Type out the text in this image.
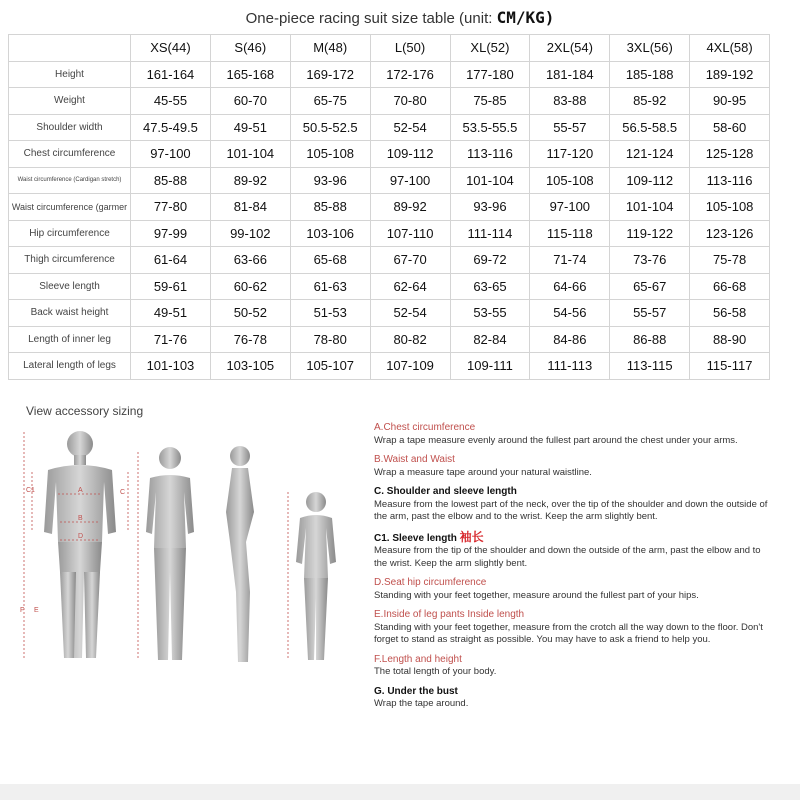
One-piece racing suit size table (unit: CM/KG)
	XS(44)	S(46)	M(48)	L(50)	XL(52)	2XL(54)	3XL(56)	4XL(58)
Height	161-164	165-168	169-172	172-176	177-180	181-184	185-188	189-192
Weight	45-55	60-70	65-75	70-80	75-85	83-88	85-92	90-95
Shoulder width	47.5-49.5	49-51	50.5-52.5	52-54	53.5-55.5	55-57	56.5-58.5	58-60
Chest circumference	97-100	101-104	105-108	109-112	113-116	117-120	121-124	125-128
Waist circumference (Cardigan stretch)	85-88	89-92	93-96	97-100	101-104	105-108	109-112	113-116
Waist circumference (garmer	77-80	81-84	85-88	89-92	93-96	97-100	101-104	105-108
Hip circumference	97-99	99-102	103-106	107-110	111-114	115-118	119-122	123-126
Thigh circumference	61-64	63-66	65-68	67-70	69-72	71-74	73-76	75-78
Sleeve length	59-61	60-62	61-63	62-64	63-65	64-66	65-67	66-68
Back waist height	49-51	50-52	51-53	52-54	53-55	54-56	55-57	56-58
Length of inner leg	71-76	76-78	78-80	80-82	82-84	84-86	86-88	88-90
Lateral length of legs	101-103	103-105	105-107	107-109	109-111	111-113	113-115	115-117
View accessory sizing
C1	C
A
B
D
F E
A.Chest circumference
Wrap a tape measure evenly around the fullest part around the chest under your arms.
B.Waist and Waist
Wrap a measure tape around your natural waistline.
C. Shoulder and sleeve length
Measure from the lowest part of the neck, over the tip of the shoulder and down the outside of the arm, past the elbow and to the wrist. Keep the arm slightly bent.
C1. Sleeve length 袖长
Measure from the tip of the shoulder and down the outside of the arm, past the elbow and to the wrist. Keep the arm slightly bent.
D.Seat hip circumference
Standing with your feet together, measure around the fullest part of your hips.
E.Inside of leg pants Inside length
Standing with your feet together, measure from the crotch all the way down to the floor. Don't forget to stand as straight as possible. You may have to ask a friend to help you.
F.Length and height
The total length of your body.
G. Under the bust
Wrap the tape around.
